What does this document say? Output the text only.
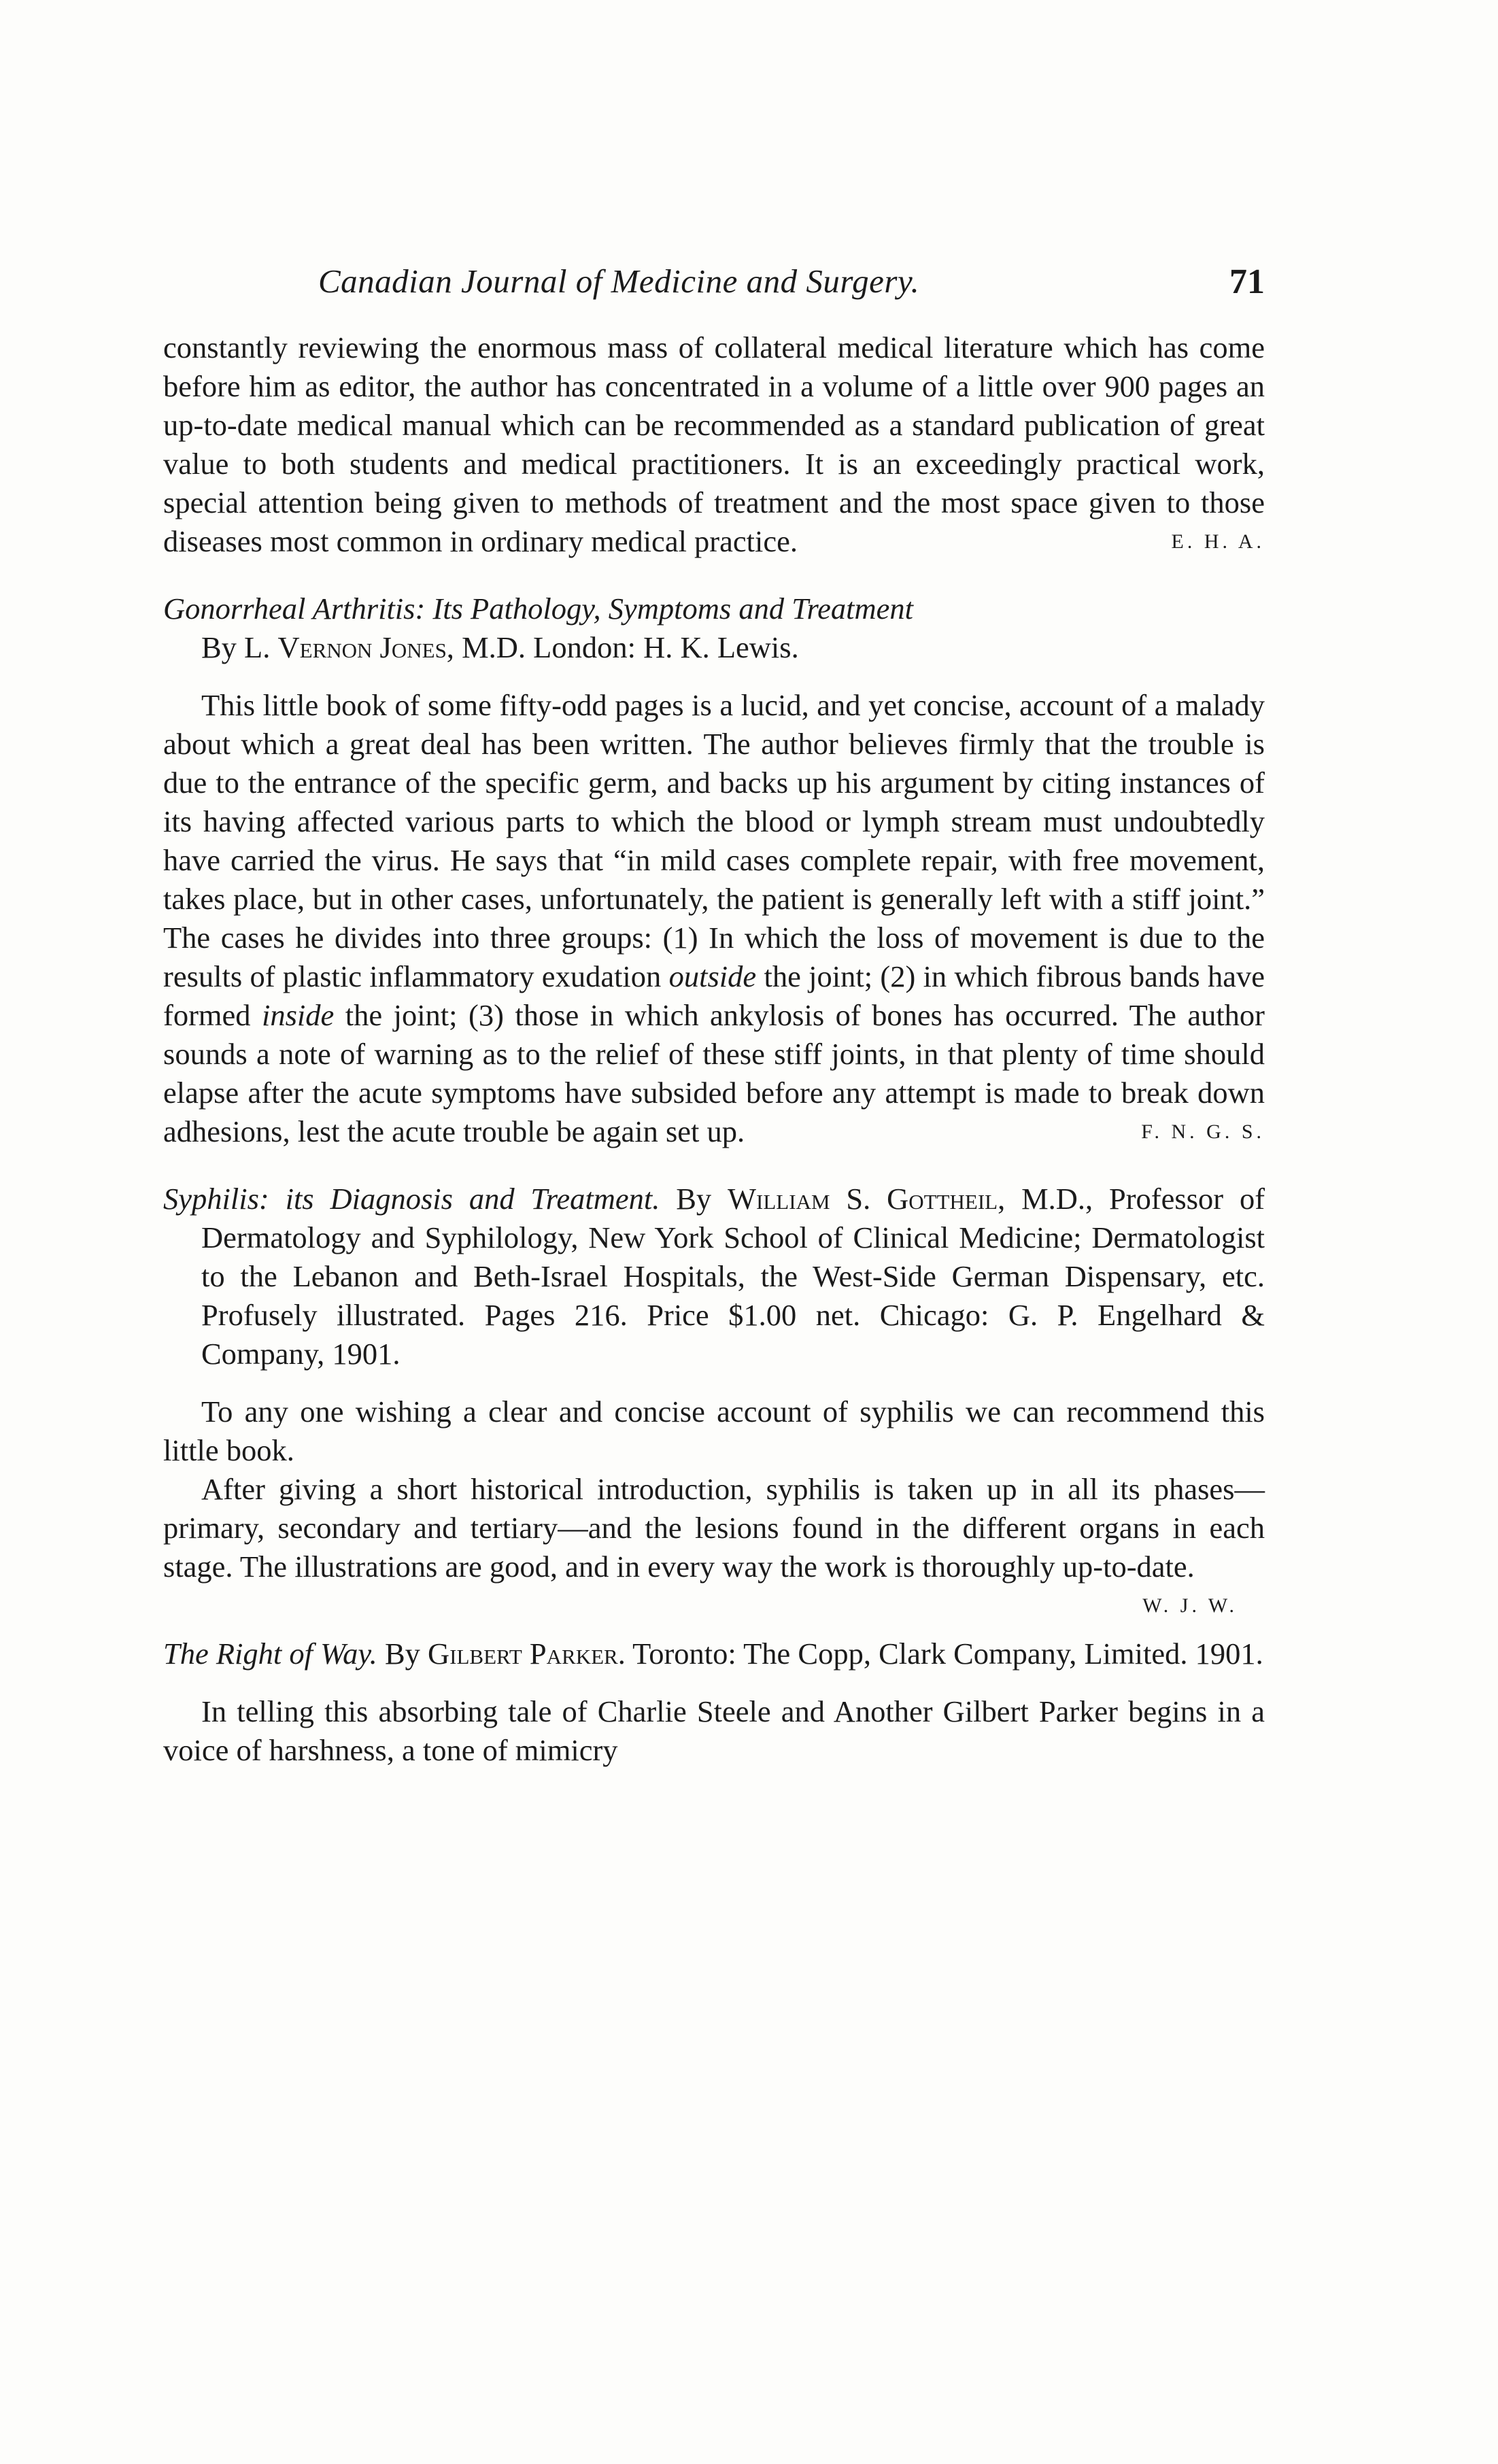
Canadian Journal of Medicine and Surgery.	71

constantly reviewing the enormous mass of collateral medical literature which has come before him as editor, the author has concentrated in a volume of a little over 900 pages an up-to-date medical manual which can be recommended as a standard publication of great value to both students and medical practitioners. It is an exceedingly practical work, special attention being given to methods of treatment and the most space given to those diseases most common in ordinary medical practice.	E. H. A.

Gonorrheal Arthritis: Its Pathology, Symptoms and Treatment
By L. Vernon Jones, M.D. London: H. K. Lewis.

This little book of some fifty-odd pages is a lucid, and yet concise, account of a malady about which a great deal has been written. The author believes firmly that the trouble is due to the entrance of the specific germ, and backs up his argument by citing instances of its having affected various parts to which the blood or lymph stream must undoubtedly have carried the virus. He says that “in mild cases complete repair, with free movement, takes place, but in other cases, unfortunately, the patient is generally left with a stiff joint.” The cases he divides into three groups: (1) In which the loss of movement is due to the results of plastic inflammatory exudation outside the joint; (2) in which fibrous bands have formed inside the joint; (3) those in which ankylosis of bones has occurred. The author sounds a note of warning as to the relief of these stiff joints, in that plenty of time should elapse after the acute symptoms have subsided before any attempt is made to break down adhesions, lest the acute trouble be again set up.	F. N. G. S.

Syphilis: its Diagnosis and Treatment. By William S. Gottheil, M.D., Professor of Dermatology and Syphilology, New York School of Clinical Medicine; Dermatologist to the Lebanon and Beth-Israel Hospitals, the West-Side German Dispensary, etc. Profusely illustrated. Pages 216. Price $1.00 net. Chicago: G. P. Engelhard & Company, 1901.

To any one wishing a clear and concise account of syphilis we can recommend this little book.

After giving a short historical introduction, syphilis is taken up in all its phases—primary, secondary and tertiary—and the lesions found in the different organs in each stage. The illustrations are good, and in every way the work is thoroughly up-to-date.

W. J. W.

The Right of Way. By Gilbert Parker. Toronto: The Copp, Clark Company, Limited. 1901.

In telling this absorbing tale of Charlie Steele and Another Gilbert Parker begins in a voice of harshness, a tone of mimicry
